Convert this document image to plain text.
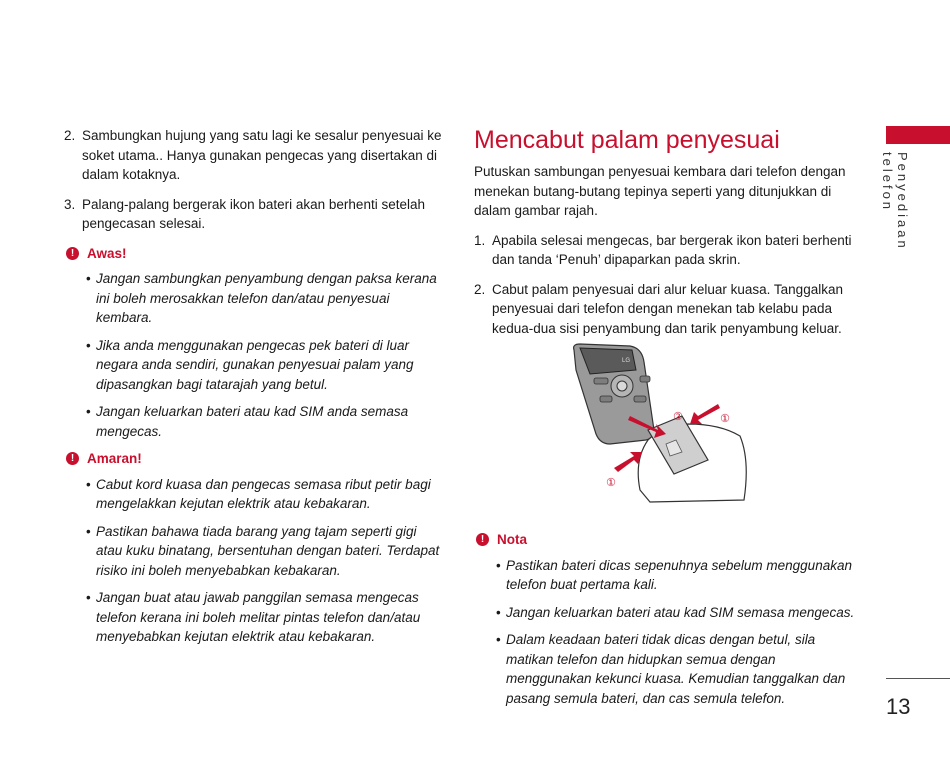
2. Sambungkan hujung yang satu lagi ke sesalur penyesuai ke soket utama.. Hanya gunakan pengecas yang disertakan di dalam kotaknya.
3. Palang-palang bergerak ikon bateri akan berhenti setelah pengecasan selesai.
! Awas!
• Jangan sambungkan penyambung dengan paksa kerana ini boleh merosakkan telefon dan/atau penyesuai kembara.
• Jika anda menggunakan pengecas pek bateri di luar negara anda sendiri, gunakan penyesuai palam yang dipasangkan bagi tatarajah yang betul.
• Jangan keluarkan bateri atau kad SIM anda semasa mengecas.
! Amaran!
• Cabut kord kuasa dan pengecas semasa ribut petir bagi mengelakkan kejutan elektrik atau kebakaran.
• Pastikan bahawa tiada barang yang tajam seperti gigi atau kuku binatang, bersentuhan dengan bateri. Terdapat risiko ini boleh menyebabkan kebakaran.
• Jangan buat atau jawab panggilan semasa mengecas telefon kerana ini boleh melitar pintas telefon dan/atau menyebabkan kejutan elektrik atau kebakaran.
Mencabut palam penyesuai

Putuskan sambungan penyesuai kembara dari telefon dengan menekan butang-butang tepinya seperti yang ditunjukkan di dalam gambar rajah.

1. Apabila selesai mengecas, bar bergerak ikon bateri berhenti dan tanda ‘Penuh’ dipaparkan pada skrin.
2. Cabut palam penyesuai dari alur keluar kuasa. Tanggalkan penyesuai dari telefon dengan menekan tab kelabu pada kedua-dua sisi penyambung dan tarik penyambung keluar.
! Nota
• Pastikan bateri dicas sepenuhnya sebelum menggunakan telefon buat pertama kali.
• Jangan keluarkan bateri atau kad SIM semasa mengecas.
• Dalam keadaan bateri tidak dicas dengan betul, sila matikan telefon dan hidupkan semua dengan menggunakan kekunci kuasa. Kemudian tanggalkan dan pasang semula bateri, dan cas semula telefon.
LG
①
②	①
Penyediaan telefon
13
